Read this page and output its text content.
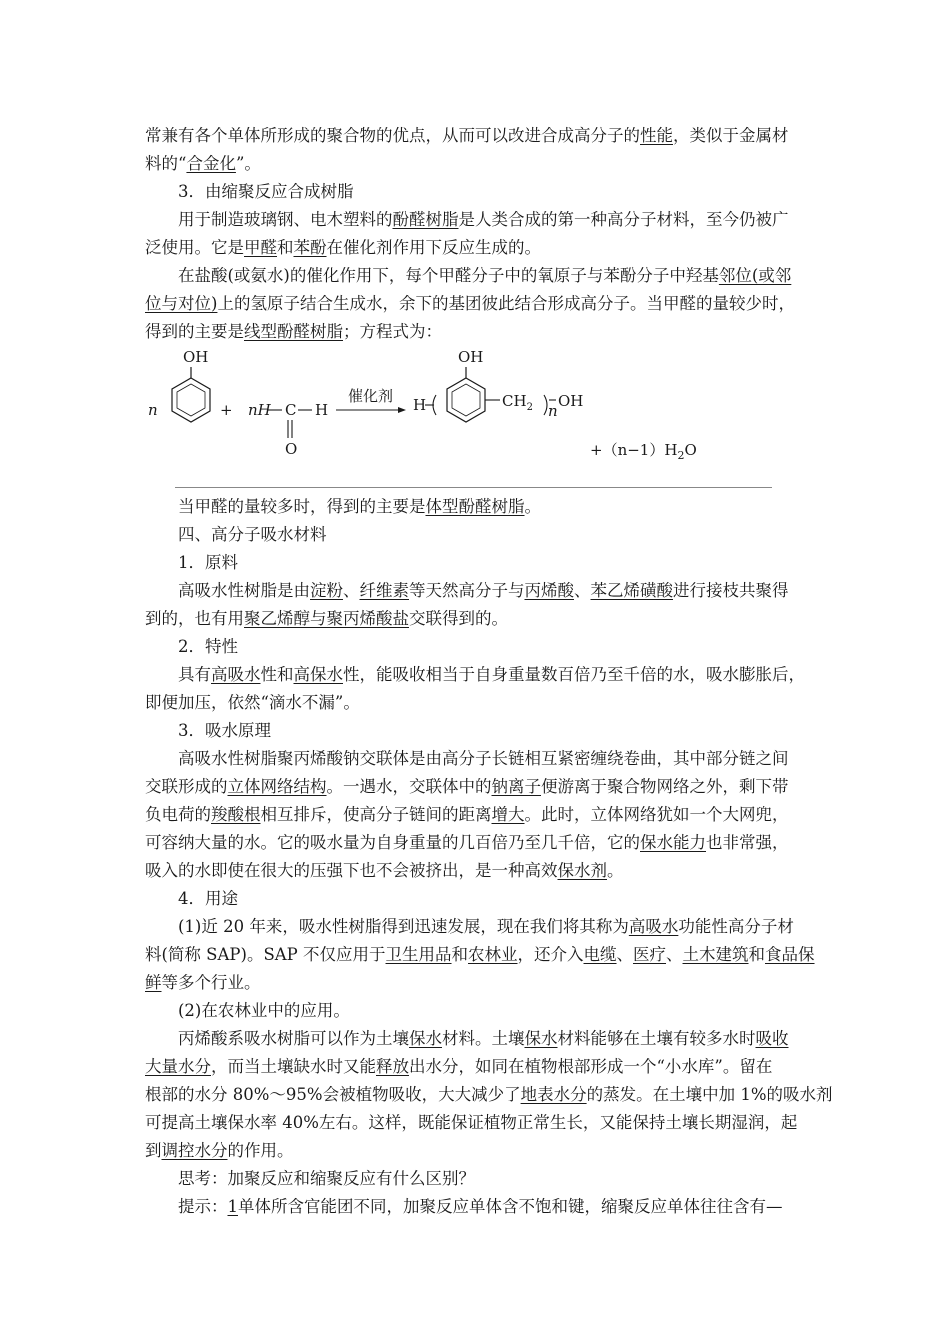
常兼有各个单体所形成的聚合物的优点，从而可以改进合成高分子的性能，类似于金属材
料的“合金化”。
3．由缩聚反应合成树脂
用于制造玻璃钢、电木塑料的酚醛树脂是人类合成的第一种高分子材料，至今仍被广
泛使用。它是甲醛和苯酚在催化剂作用下反应生成的。
在盐酸(或氨水)的催化作用下，每个甲醛分子中的氧原子与苯酚分子中羟基邻位(或邻
位与对位)上的氢原子结合生成水，余下的基团彼此结合形成高分子。当甲醛的量较少时，
得到的主要是线型酚醛树脂；方程式为：
OH
n	+ nH C H
O
催化剂 H
OH
$CH_2$ n
OH
$+(n-1)H_2O$
当甲醛的量较多时，得到的主要是体型酚醛树脂。
四、高分子吸水材料
1．原料
高吸水性树脂是由淀粉、纤维素等天然高分子与丙烯酸、苯乙烯磺酸进行接枝共聚得
到的，也有用聚乙烯醇与聚丙烯酸盐交联得到的。
2．特性
具有高吸水性和高保水性，能吸收相当于自身重量数百倍乃至千倍的水，吸水膨胀后，
即便加压，依然“滴水不漏”。
3．吸水原理
高吸水性树脂聚丙烯酸钠交联体是由高分子长链相互紧密缠绕卷曲，其中部分链之间
交联形成的立体网络结构。一遇水，交联体中的钠离子便游离于聚合物网络之外，剩下带
负电荷的羧酸根相互排斥，使高分子链间的距离增大。此时，立体网络犹如一个大网兜，
可容纳大量的水。它的吸水量为自身重量的几百倍乃至几千倍，它的保水能力也非常强，
吸入的水即使在很大的压强下也不会被挤出，是一种高效保水剂。
4．用途
(1)近 20 年来，吸水性树脂得到迅速发展，现在我们将其称为高吸水功能性高分子材
料(简称 SAP)。SAP 不仅应用于卫生用品和农林业，还介入电缆、医疗、土木建筑和食品保
鲜等多个行业。
(2)在农林业中的应用。
丙烯酸系吸水树脂可以作为土壤保水材料。土壤保水材料能够在土壤有较多水时吸收
大量水分，而当土壤缺水时又能释放出水分，如同在植物根部形成一个“小水库”。留在
根部的水分 80%～95%会被植物吸收，大大减少了地表水分的蒸发。在土壤中加 1%的吸水剂
可提高土壤保水率 40%左右。这样，既能保证植物正常生长，又能保持土壤长期湿润，起
到调控水分的作用。
思考：加聚反应和缩聚反应有什么区别？
提示：1单体所含官能团不同，加聚反应单体含不饱和键，缩聚反应单体往往含有—
